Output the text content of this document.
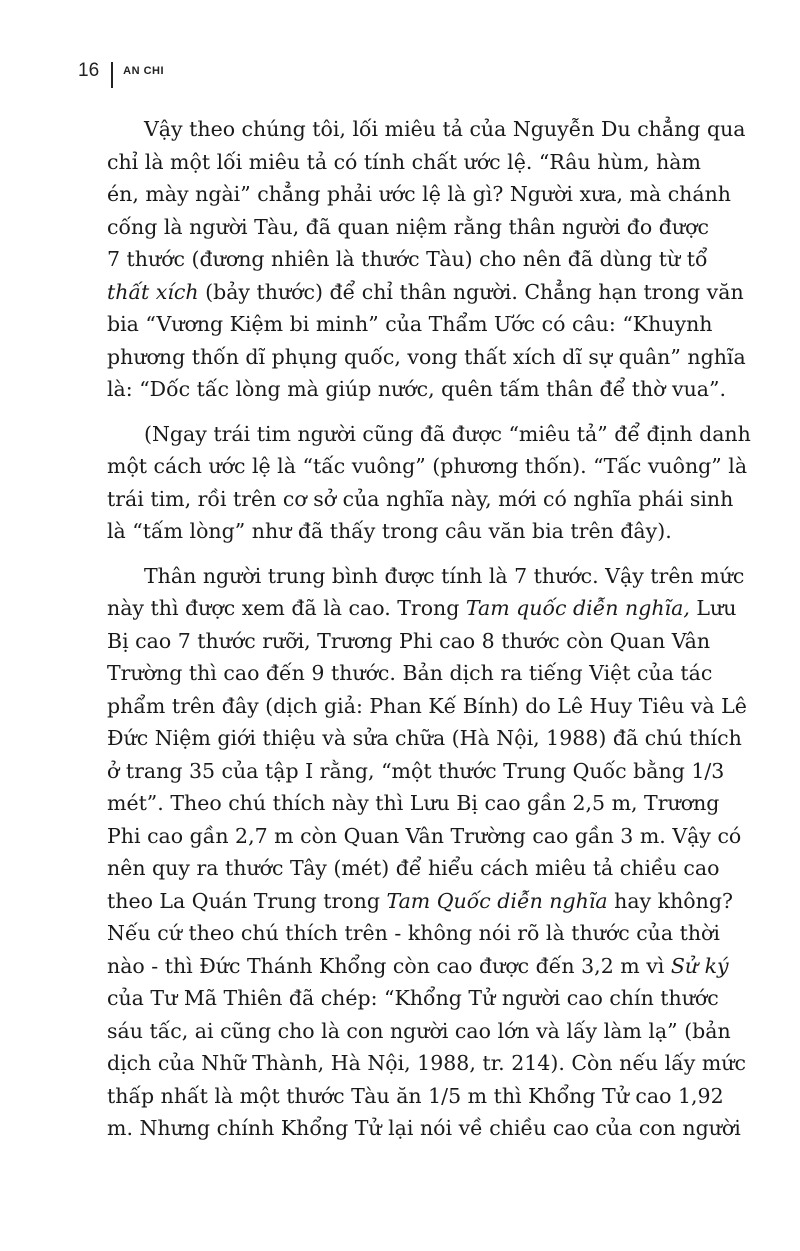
16 AN CHI
Vậy theo chúng tôi, lối miêu tả của Nguyễn Du chẳng qua
chỉ là một lối miêu tả có tính chất ước lệ. “Râu hùm, hàm
én, mày ngài” chẳng phải ước lệ là gì? Người xưa, mà chánh
cống là người Tàu, đã quan niệm rằng thân người đo được
7 thước (đương nhiên là thước Tàu) cho nên đã dùng từ tổ
thất xích (bảy thước) để chỉ thân người. Chẳng hạn trong văn
bia “Vương Kiệm bi minh” của Thẩm Ước có câu: “Khuynh
phương thốn dĩ phụng quốc, vong thất xích dĩ sự quân” nghĩa
là: “Dốc tấc lòng mà giúp nước, quên tấm thân để thờ vua”.
(Ngay trái tim người cũng đã được “miêu tả” để định danh
một cách ước lệ là “tấc vuông” (phương thốn). “Tấc vuông” là
trái tim, rồi trên cơ sở của nghĩa này, mới có nghĩa phái sinh
là “tấm lòng” như đã thấy trong câu văn bia trên đây).
Thân người trung bình được tính là 7 thước. Vậy trên mức
này thì được xem đã là cao. Trong Tam quốc diễn nghĩa, Lưu
Bị cao 7 thước rưỡi, Trương Phi cao 8 thước còn Quan Vân
Trường thì cao đến 9 thước. Bản dịch ra tiếng Việt của tác
phẩm trên đây (dịch giả: Phan Kế Bính) do Lê Huy Tiêu và Lê
Đức Niệm giới thiệu và sửa chữa (Hà Nội, 1988) đã chú thích
ở trang 35 của tập I rằng, “một thước Trung Quốc bằng 1/3
mét”. Theo chú thích này thì Lưu Bị cao gần 2,5 m, Trương
Phi cao gần 2,7 m còn Quan Vân Trường cao gần 3 m. Vậy có
nên quy ra thước Tây (mét) để hiểu cách miêu tả chiều cao
theo La Quán Trung trong Tam Quốc diễn nghĩa hay không?
Nếu cứ theo chú thích trên - không nói rõ là thước của thời
nào - thì Đức Thánh Khổng còn cao được đến 3,2 m vì Sử ký
của Tư Mã Thiên đã chép: “Khổng Tử người cao chín thước
sáu tấc, ai cũng cho là con người cao lớn và lấy làm lạ” (bản
dịch của Nhữ Thành, Hà Nội, 1988, tr. 214). Còn nếu lấy mức
thấp nhất là một thước Tàu ăn 1/5 m thì Khổng Tử cao 1,92
m. Nhưng chính Khổng Tử lại nói về chiều cao của con người
